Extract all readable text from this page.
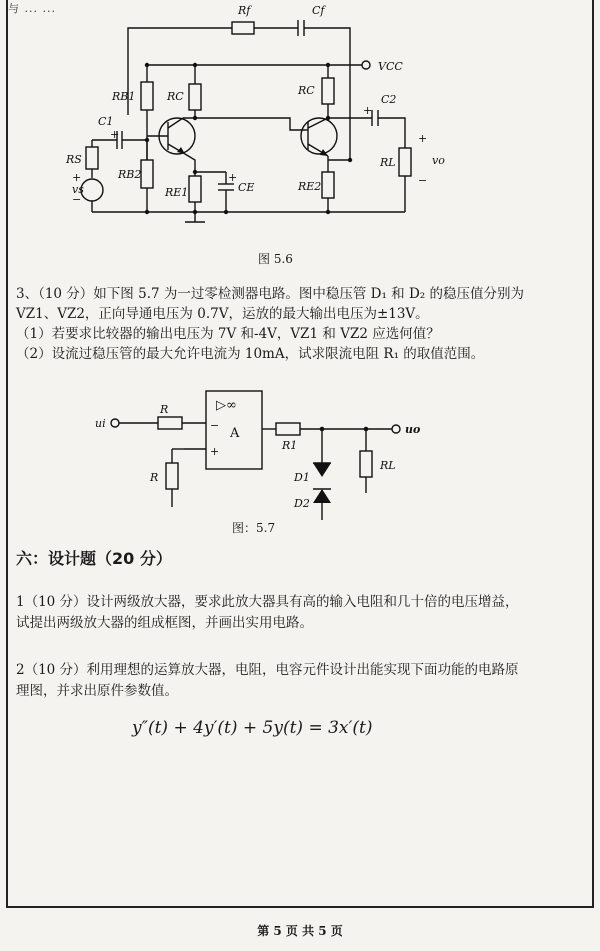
与 ... ...	Rf	Cf
VCC
RB1	RC	RC
C2
C1
RS
vs
RB2
RE1	CE	RE2
RL	vo
+
−
+
−
+
+
+
图 5.6
3、（10 分）如下图 5.7 为一过零检测器电路。图中稳压管 D₁ 和 D₂ 的稳压值分别为
VZ1、VZ2，正向导通电压为 0.7V，运放的最大输出电压为±13V。
（1）若要求比较器的输出电压为 7V 和-4V，VZ1 和 VZ2 应选何值？
（2）设流过稳压管的最大允许电流为 10mA，试求限流电阻 R₁ 的取值范围。
ui
R
R
▷∞
A
−
+	R1
uo
RL
D1
D2
图：5.7
六：设计题（20 分）
1（10 分）设计两级放大器，要求此放大器具有高的输入电阻和几十倍的电压增益，
试提出两级放大器的组成框图，并画出实用电路。
2（10 分）利用理想的运算放大器，电阻，电容元件设计出能实现下面功能的电路原
理图，并求出原件参数值。
y″(t) + 4y′(t) + 5y(t) = 3x′(t)
第 5 页 共 5 页
